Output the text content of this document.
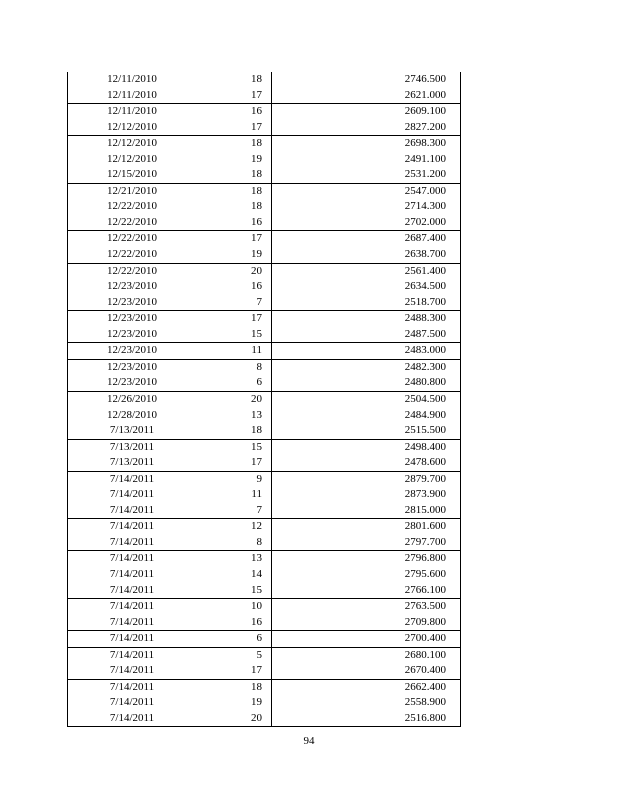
12/11/2010	18	2746.500
12/11/2010	17	2621.000
12/11/2010	16	2609.100
12/12/2010	17	2827.200
12/12/2010	18	2698.300
12/12/2010	19	2491.100
12/15/2010	18	2531.200
12/21/2010	18	2547.000
12/22/2010	18	2714.300
12/22/2010	16	2702.000
12/22/2010	17	2687.400
12/22/2010	19	2638.700
12/22/2010	20	2561.400
12/23/2010	16	2634.500
12/23/2010	7	2518.700
12/23/2010	17	2488.300
12/23/2010	15	2487.500
12/23/2010	11	2483.000
12/23/2010	8	2482.300
12/23/2010	6	2480.800
12/26/2010	20	2504.500
12/28/2010	13	2484.900
7/13/2011	18	2515.500
7/13/2011	15	2498.400
7/13/2011	17	2478.600
7/14/2011	9	2879.700
7/14/2011	11	2873.900
7/14/2011	7	2815.000
7/14/2011	12	2801.600
7/14/2011	8	2797.700
7/14/2011	13	2796.800
7/14/2011	14	2795.600
7/14/2011	15	2766.100
7/14/2011	10	2763.500
7/14/2011	16	2709.800
7/14/2011	6	2700.400
7/14/2011	5	2680.100
7/14/2011	17	2670.400
7/14/2011	18	2662.400
7/14/2011	19	2558.900
7/14/2011	20	2516.800
94
